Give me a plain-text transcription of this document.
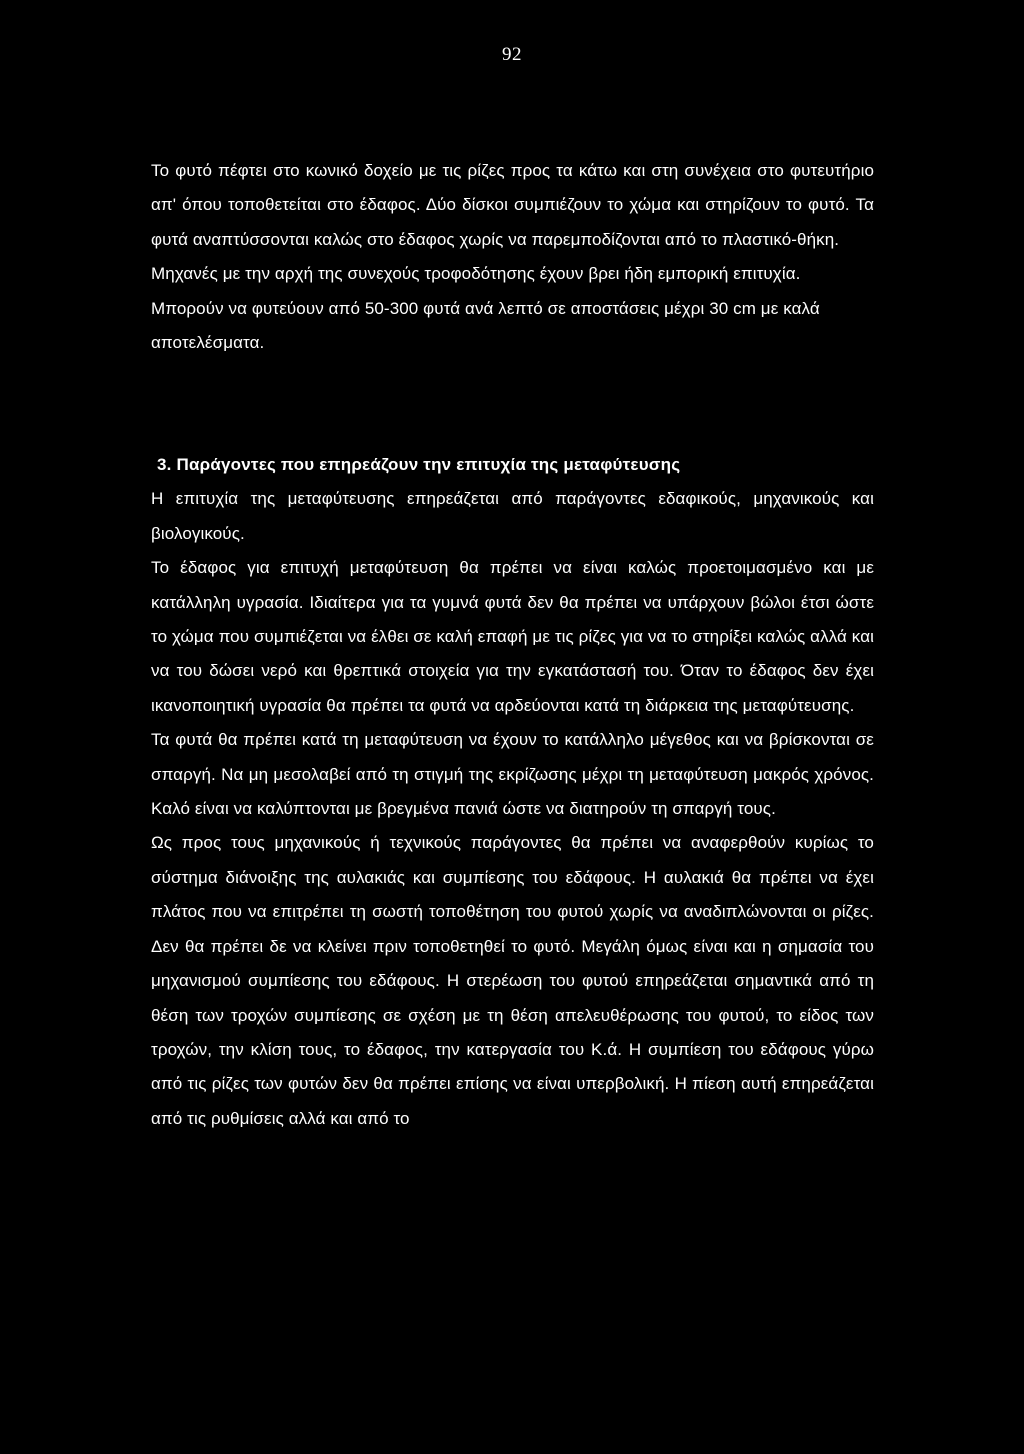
92

Το φυτό πέφτει στο κωνικό δοχείο με τις ρίζες προς τα κάτω και στη συνέχεια στο φυτευτήριο απ' όπου τοποθετείται στο έδαφος. Δύο δίσκοι συμπιέζουν το χώμα και στηρίζουν το φυτό. Τα φυτά αναπτύσσονται καλώς στο έδαφος χωρίς να παρεμποδίζονται από το πλαστικό-θήκη.

Μηχανές με την αρχή της συνεχούς τροφοδότησης έχουν βρει ήδη εμπορική επιτυχία. Μπορούν να φυτεύουν από 50-300 φυτά ανά λεπτό σε αποστάσεις μέχρι 30 cm με καλά αποτελέσματα.

3. Παράγοντες που επηρεάζουν την επιτυχία της μεταφύτευσης

Η επιτυχία της μεταφύτευσης επηρεάζεται από παράγοντες εδαφικούς, μηχανικούς και βιολογικούς.

Το έδαφος για επιτυχή μεταφύτευση θα πρέπει να είναι καλώς προετοιμασμένο και με κατάλληλη υγρασία. Ιδιαίτερα για τα γυμνά φυτά δεν θα πρέπει να υπάρχουν βώλοι έτσι ώστε το χώμα που συμπιέζεται να έλθει σε καλή επαφή με τις ρίζες για να το στηρίξει καλώς αλλά και να του δώσει νερό και θρεπτικά στοιχεία για την εγκατάστασή του. Όταν το έδαφος δεν έχει ικανοποιητική υγρασία θα πρέπει τα φυτά να αρδεύονται κατά τη διάρκεια της μεταφύτευσης.

Τα φυτά θα πρέπει κατά τη μεταφύτευση να έχουν το κατάλληλο μέγεθος και να βρίσκονται σε σπαργή. Να μη μεσολαβεί από τη στιγμή της εκρίζωσης μέχρι τη μεταφύτευση μακρός χρόνος. Καλό είναι να καλύπτονται με βρεγμένα πανιά ώστε να διατηρούν τη σπαργή τους.

Ως προς τους μηχανικούς ή τεχνικούς παράγοντες θα πρέπει να αναφερθούν κυρίως το σύστημα διάνοιξης της αυλακιάς και συμπίεσης του εδάφους. Η αυλακιά θα πρέπει να έχει πλάτος που να επιτρέπει τη σωστή τοποθέτηση του φυτού χωρίς να αναδιπλώνονται οι ρίζες. Δεν θα πρέπει δε να κλείνει πριν τοποθετηθεί το φυτό. Μεγάλη όμως είναι και η σημασία του μηχανισμού συμπίεσης του εδάφους. Η στερέωση του φυτού επηρεάζεται σημαντικά από τη θέση των τροχών συμπίεσης σε σχέση με τη θέση απελευθέρωσης του φυτού, το είδος των τροχών, την κλίση τους, το έδαφος, την κατεργασία του Κ.ά. Η συμπίεση του εδάφους γύρω από τις ρίζες των φυτών δεν θα πρέπει επίσης να είναι υπερβολική. Η πίεση αυτή επηρεάζεται από τις ρυθμίσεις αλλά και από το
